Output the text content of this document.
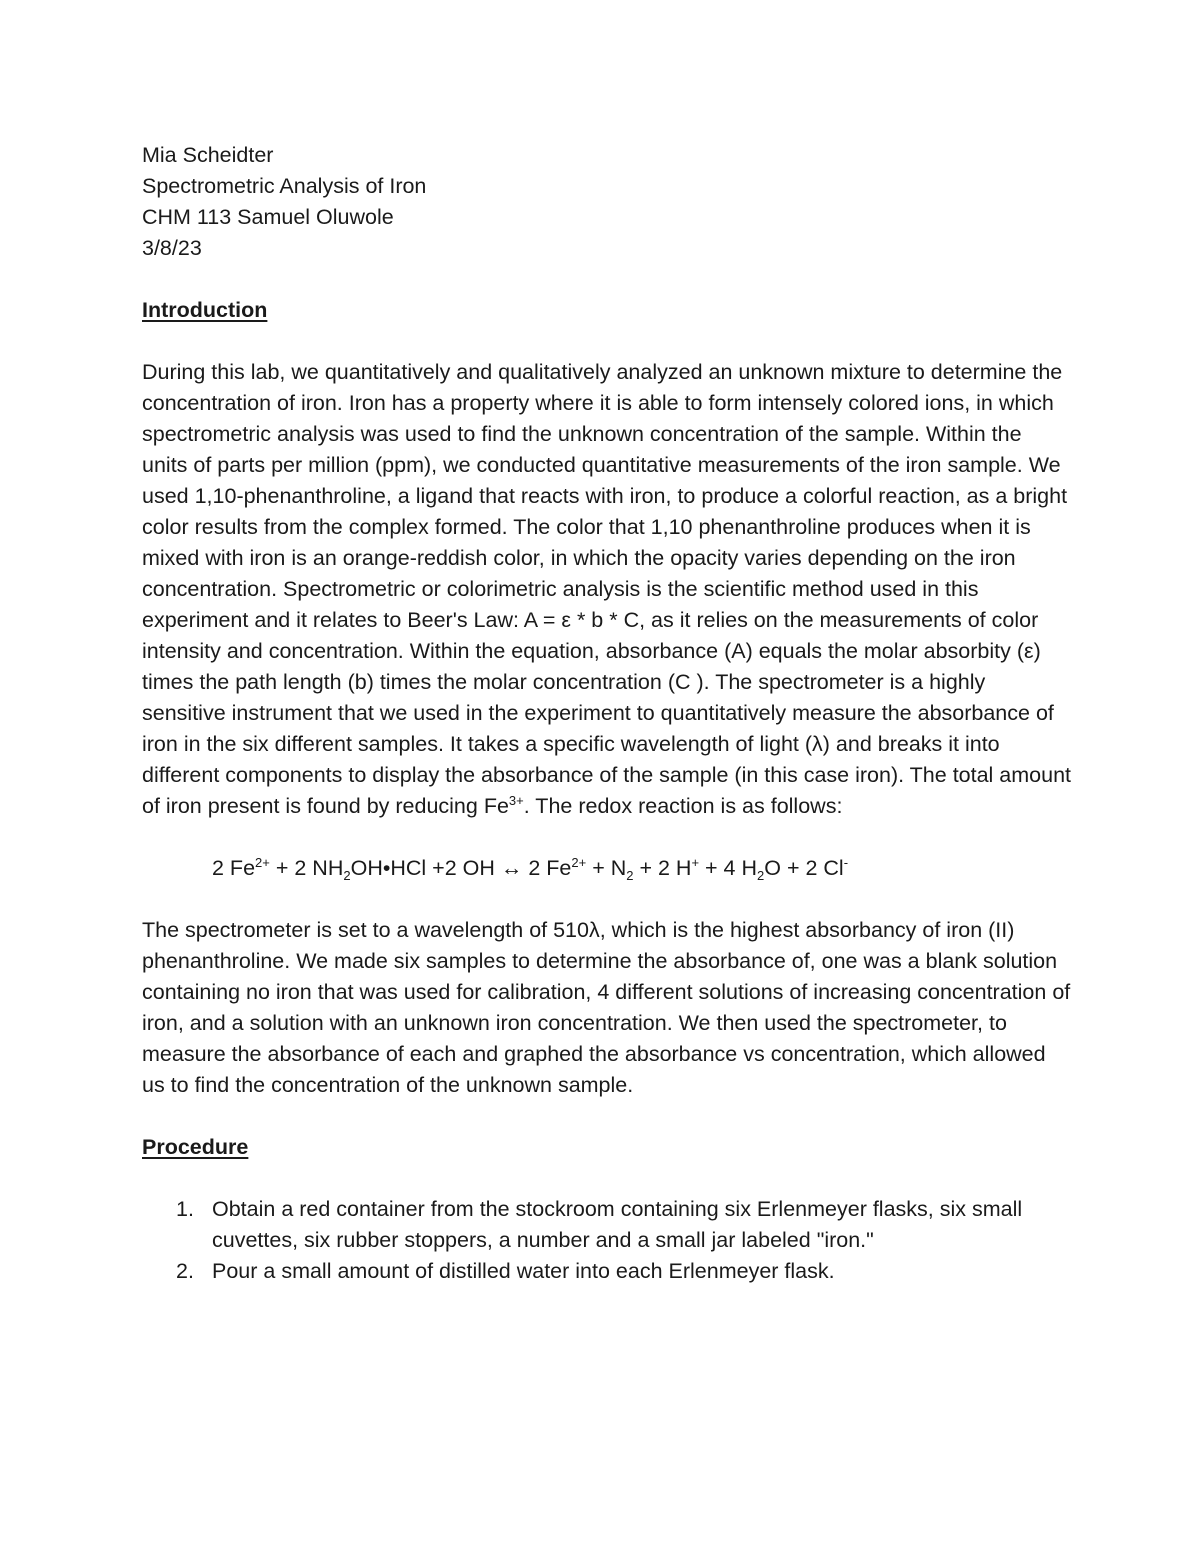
Mia Scheidter

Spectrometric Analysis of Iron

CHM 113 Samuel Oluwole

3/8/23

Introduction

During this lab, we quantitatively and qualitatively analyzed an unknown mixture to determine the concentration of iron. Iron has a property where it is able to form intensely colored ions, in which spectrometric analysis was used to find the unknown concentration of the sample. Within the units of parts per million (ppm), we conducted quantitative measurements of the iron sample. We used 1,10-phenanthroline, a ligand that reacts with iron, to produce a colorful reaction, as a bright color results from the complex formed. The color that 1,10 phenanthroline produces when it is mixed with iron is an orange-reddish color, in which the opacity varies depending on the iron concentration. Spectrometric or colorimetric analysis is the scientific method used in this experiment and it relates to Beer's Law: A = ε * b * C, as it relies on the measurements of color intensity and concentration. Within the equation, absorbance (A) equals the molar absorbity (ε) times the path length (b) times the molar concentration (C ). The spectrometer is a highly sensitive instrument that we used in the experiment to quantitatively measure the absorbance of iron in the six different samples. It takes a specific wavelength of light (λ) and breaks it into different components to display the absorbance of the sample (in this case iron). The total amount of iron present is found by reducing $Fe^{3+}$. The redox reaction is as follows:

2 $Fe^{2+} + 2$ $NH_2OH•HCl +2$ OH ↔ 2 $Fe^{2+} + N_2 + 2$ H+ + 4 $H_2O + 2$ Cl-

The spectrometer is set to a wavelength of 510λ, which is the highest absorbancy of iron (II) phenanthroline. We made six samples to determine the absorbance of, one was a blank solution containing no iron that was used for calibration, 4 different solutions of increasing concentration of iron, and a solution with an unknown iron concentration. We then used the spectrometer, to measure the absorbance of each and graphed the absorbance vs concentration, which allowed us to find the concentration of the unknown sample.

Procedure

1. Obtain a red container from the stockroom containing six Erlenmeyer flasks, six small cuvettes, six rubber stoppers, a number and a small jar labeled "iron."
2. Pour a small amount of distilled water into each Erlenmeyer flask.
